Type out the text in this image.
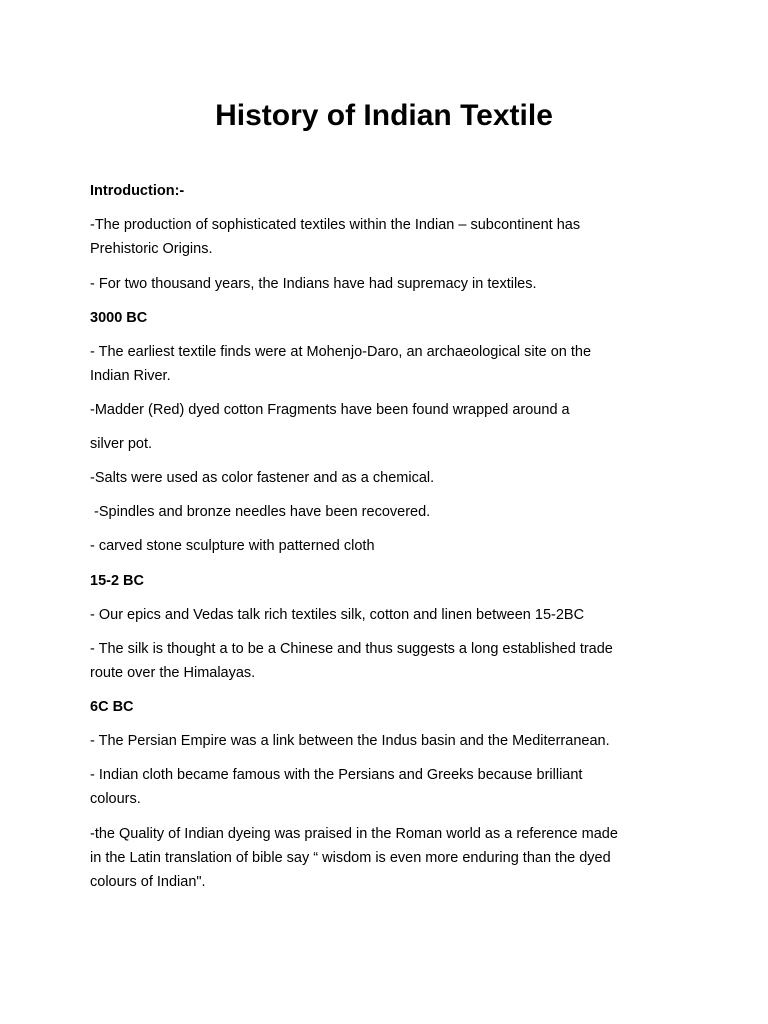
History of Indian Textile
Introduction:-
-The production of sophisticated textiles within the Indian – subcontinent has
Prehistoric Origins.
- For two thousand years, the Indians have had supremacy in textiles.
3000 BC
- The earliest textile finds were at Mohenjo-Daro, an archaeological site on the
Indian River.
-Madder (Red) dyed cotton Fragments have been found wrapped around a
silver pot.
-Salts were used as color fastener and as a chemical.
-Spindles and bronze needles have been recovered.
- carved stone sculpture with patterned cloth
15-2 BC
- Our epics and Vedas talk rich textiles silk, cotton and linen between 15-2BC
- The silk is thought a to be a Chinese and thus suggests a long established trade
route over the Himalayas.
6C BC
- The Persian Empire was a link between the Indus basin and the Mediterranean.
- Indian cloth became famous with the Persians and Greeks because brilliant
colours.
-the Quality of Indian dyeing was praised in the Roman world as a reference made
in the Latin translation of bible say “ wisdom is even more enduring than the dyed
colours of Indian".
